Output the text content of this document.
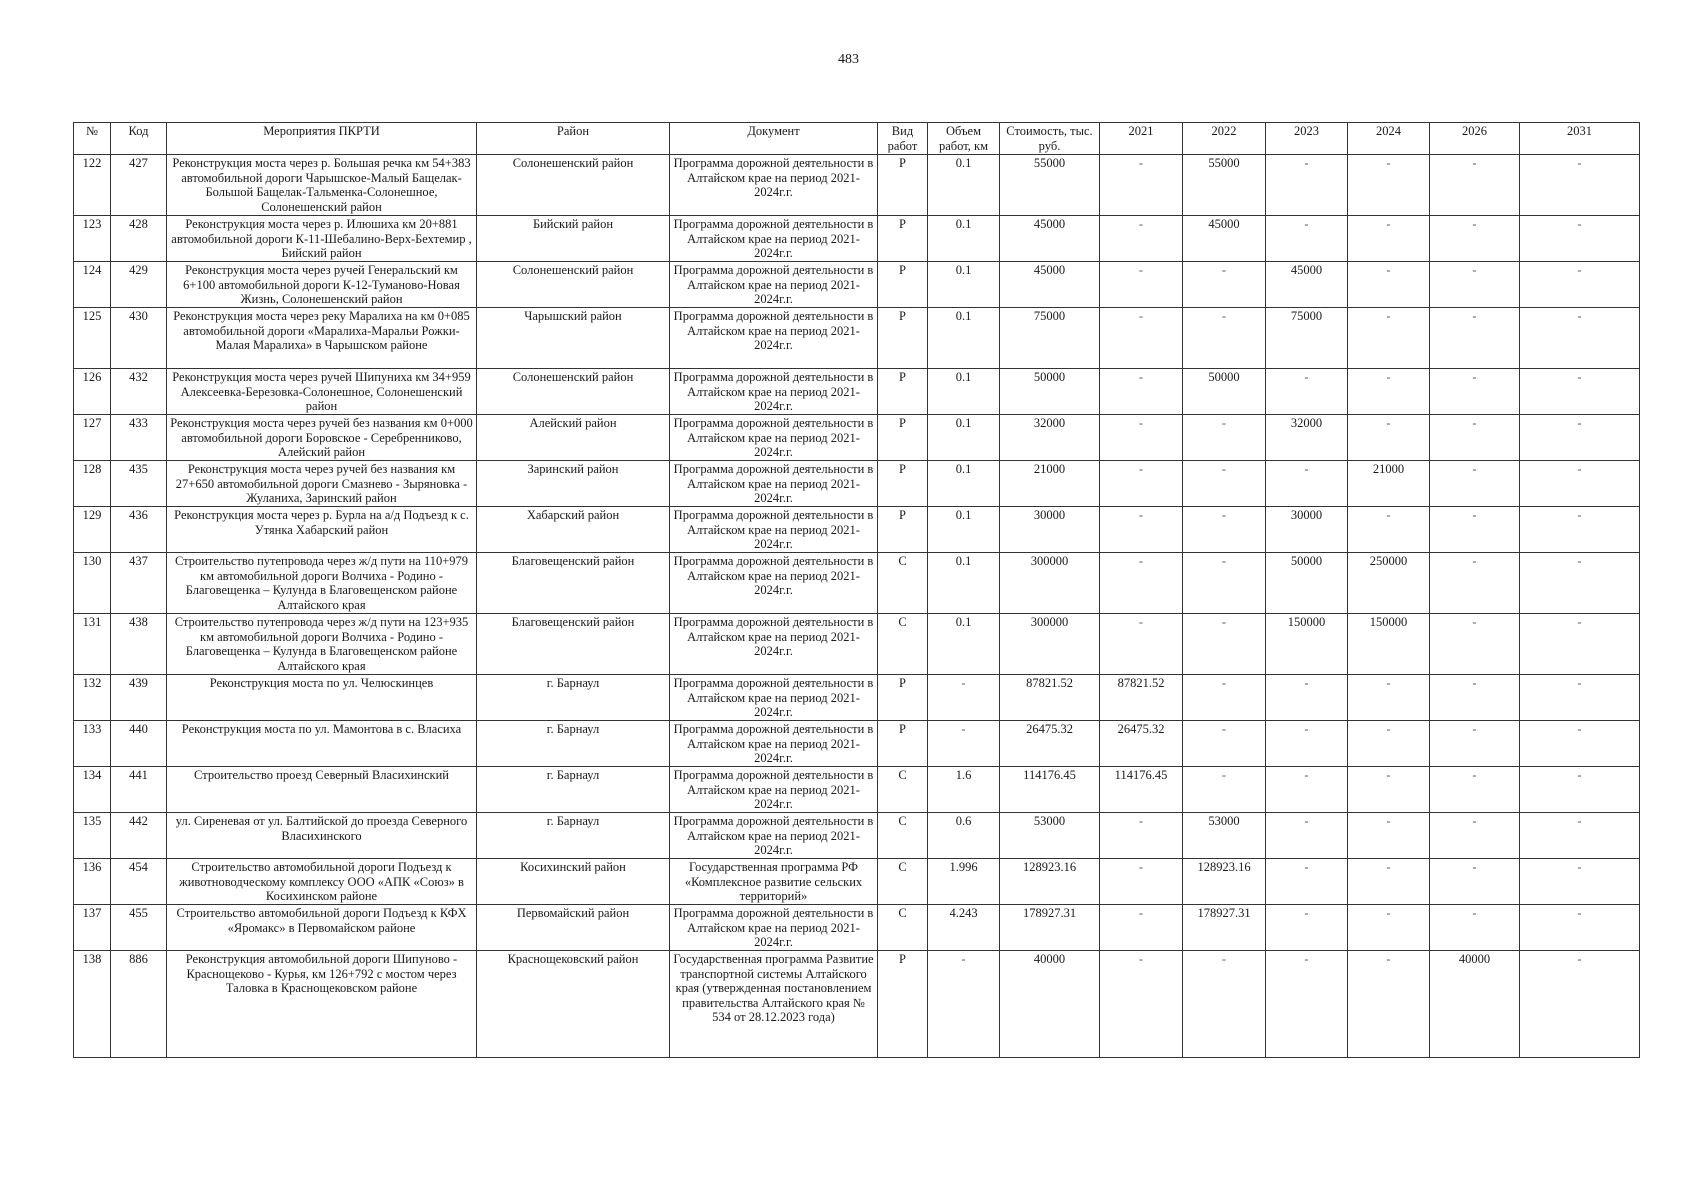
483
№	Код	Мероприятия ПКРТИ	Район	Документ	Вид работ	Объем работ, км	Стоимость, тыс. руб.	2021	2022	2023	2024	2026	2031
122	427	Реконструкция моста через р. Большая речка км 54+383 автомобильной дороги Чарышское-Малый Бащелак-Большой Бащелак-Тальменка-Солонешное, Солонешенский район	Солонешенский район	Программа дорожной деятельности в Алтайском крае на период 2021-2024г.г.	Р	0.1	55000	-	55000	-	-	-	-
123	428	Реконструкция моста через р. Илюшиха км 20+881 автомобильной дороги К-11-Шебалино-Верх-Бехтемир , Бийский район	Бийский район	Программа дорожной деятельности в Алтайском крае на период 2021-2024г.г.	Р	0.1	45000	-	45000	-	-	-	-
124	429	Реконструкция моста через ручей Генеральский км 6+100 автомобильной дороги К-12-Туманово-Новая Жизнь, Солонешенский район	Солонешенский район	Программа дорожной деятельности в Алтайском крае на период 2021-2024г.г.	Р	0.1	45000	-	-	45000	-	-	-
125	430	Реконструкция моста через реку Маралиха на км 0+085 автомобильной дороги «Маралиха-Маральи Рожки-Малая Маралиха» в Чарышском районе	Чарышский район	Программа дорожной деятельности в Алтайском крае на период 2021-2024г.г.	Р	0.1	75000	-	-	75000	-	-	-
126	432	Реконструкция моста через ручей Шипуниха км 34+959 Алексеевка-Березовка-Солонешное, Солонешенский район	Солонешенский район	Программа дорожной деятельности в Алтайском крае на период 2021-2024г.г.	Р	0.1	50000	-	50000	-	-	-	-
127	433	Реконструкция моста через ручей без названия км 0+000 автомобильной дороги Боровское - Серебренниково, Алейский район	Алейский район	Программа дорожной деятельности в Алтайском крае на период 2021-2024г.г.	Р	0.1	32000	-	-	32000	-	-	-
128	435	Реконструкция моста через ручей без названия км 27+650 автомобильной дороги Смазнево - Зыряновка - Жуланиха, Заринский район	Заринский район	Программа дорожной деятельности в Алтайском крае на период 2021-2024г.г.	Р	0.1	21000	-	-	-	21000	-	-
129	436	Реконструкция моста через р. Бурла на а/д Подъезд к с. Утянка Хабарский район	Хабарский район	Программа дорожной деятельности в Алтайском крае на период 2021-2024г.г.	Р	0.1	30000	-	-	30000	-	-	-
130	437	Строительство путепровода через ж/д пути на 110+979 км автомобильной дороги Волчиха - Родино - Благовещенка – Кулунда в Благовещенском районе Алтайского края	Благовещенский район	Программа дорожной деятельности в Алтайском крае на период 2021-2024г.г.	С	0.1	300000	-	-	50000	250000	-	-
131	438	Строительство путепровода через ж/д пути на 123+935 км автомобильной дороги Волчиха - Родино - Благовещенка – Кулунда в Благовещенском районе Алтайского края	Благовещенский район	Программа дорожной деятельности в Алтайском крае на период 2021-2024г.г.	С	0.1	300000	-	-	150000	150000	-	-
132	439	Реконструкция моста по ул. Челюскинцев	г. Барнаул	Программа дорожной деятельности в Алтайском крае на период 2021-2024г.г.	Р	-	87821.52	87821.52	-	-	-	-	-
133	440	Реконструкция моста по ул. Мамонтова в с. Власиха	г. Барнаул	Программа дорожной деятельности в Алтайском крае на период 2021-2024г.г.	Р	-	26475.32	26475.32	-	-	-	-	-
134	441	Строительство проезд Северный Власихинский	г. Барнаул	Программа дорожной деятельности в Алтайском крае на период 2021-2024г.г.	С	1.6	114176.45	114176.45	-	-	-	-	-
135	442	ул. Сиреневая от ул. Балтийской до проезда Северного Власихинского	г. Барнаул	Программа дорожной деятельности в Алтайском крае на период 2021-2024г.г.	С	0.6	53000	-	53000	-	-	-	-
136	454	Строительство автомобильной дороги Подъезд к животноводческому комплексу ООО «АПК «Союз» в Косихинском районе	Косихинский район	Государственная программа РФ «Комплексное развитие сельских территорий»	С	1.996	128923.16	-	128923.16	-	-	-	-
137	455	Строительство автомобильной дороги Подъезд к КФХ «Яромакс» в Первомайском районе	Первомайский район	Программа дорожной деятельности в Алтайском крае на период 2021-2024г.г.	С	4.243	178927.31	-	178927.31	-	-	-	-
138	886	Реконструкция автомобильной дороги Шипуново - Краснощеково - Курья, км 126+792 с мостом через Таловка в Краснощековском районе	Краснощековский район	Государственная программа Развитие транспортной системы Алтайского края (утвержденная постановлением правительства Алтайского края № 534 от 28.12.2023 года)	Р	-	40000	-	-	-	-	40000	-
